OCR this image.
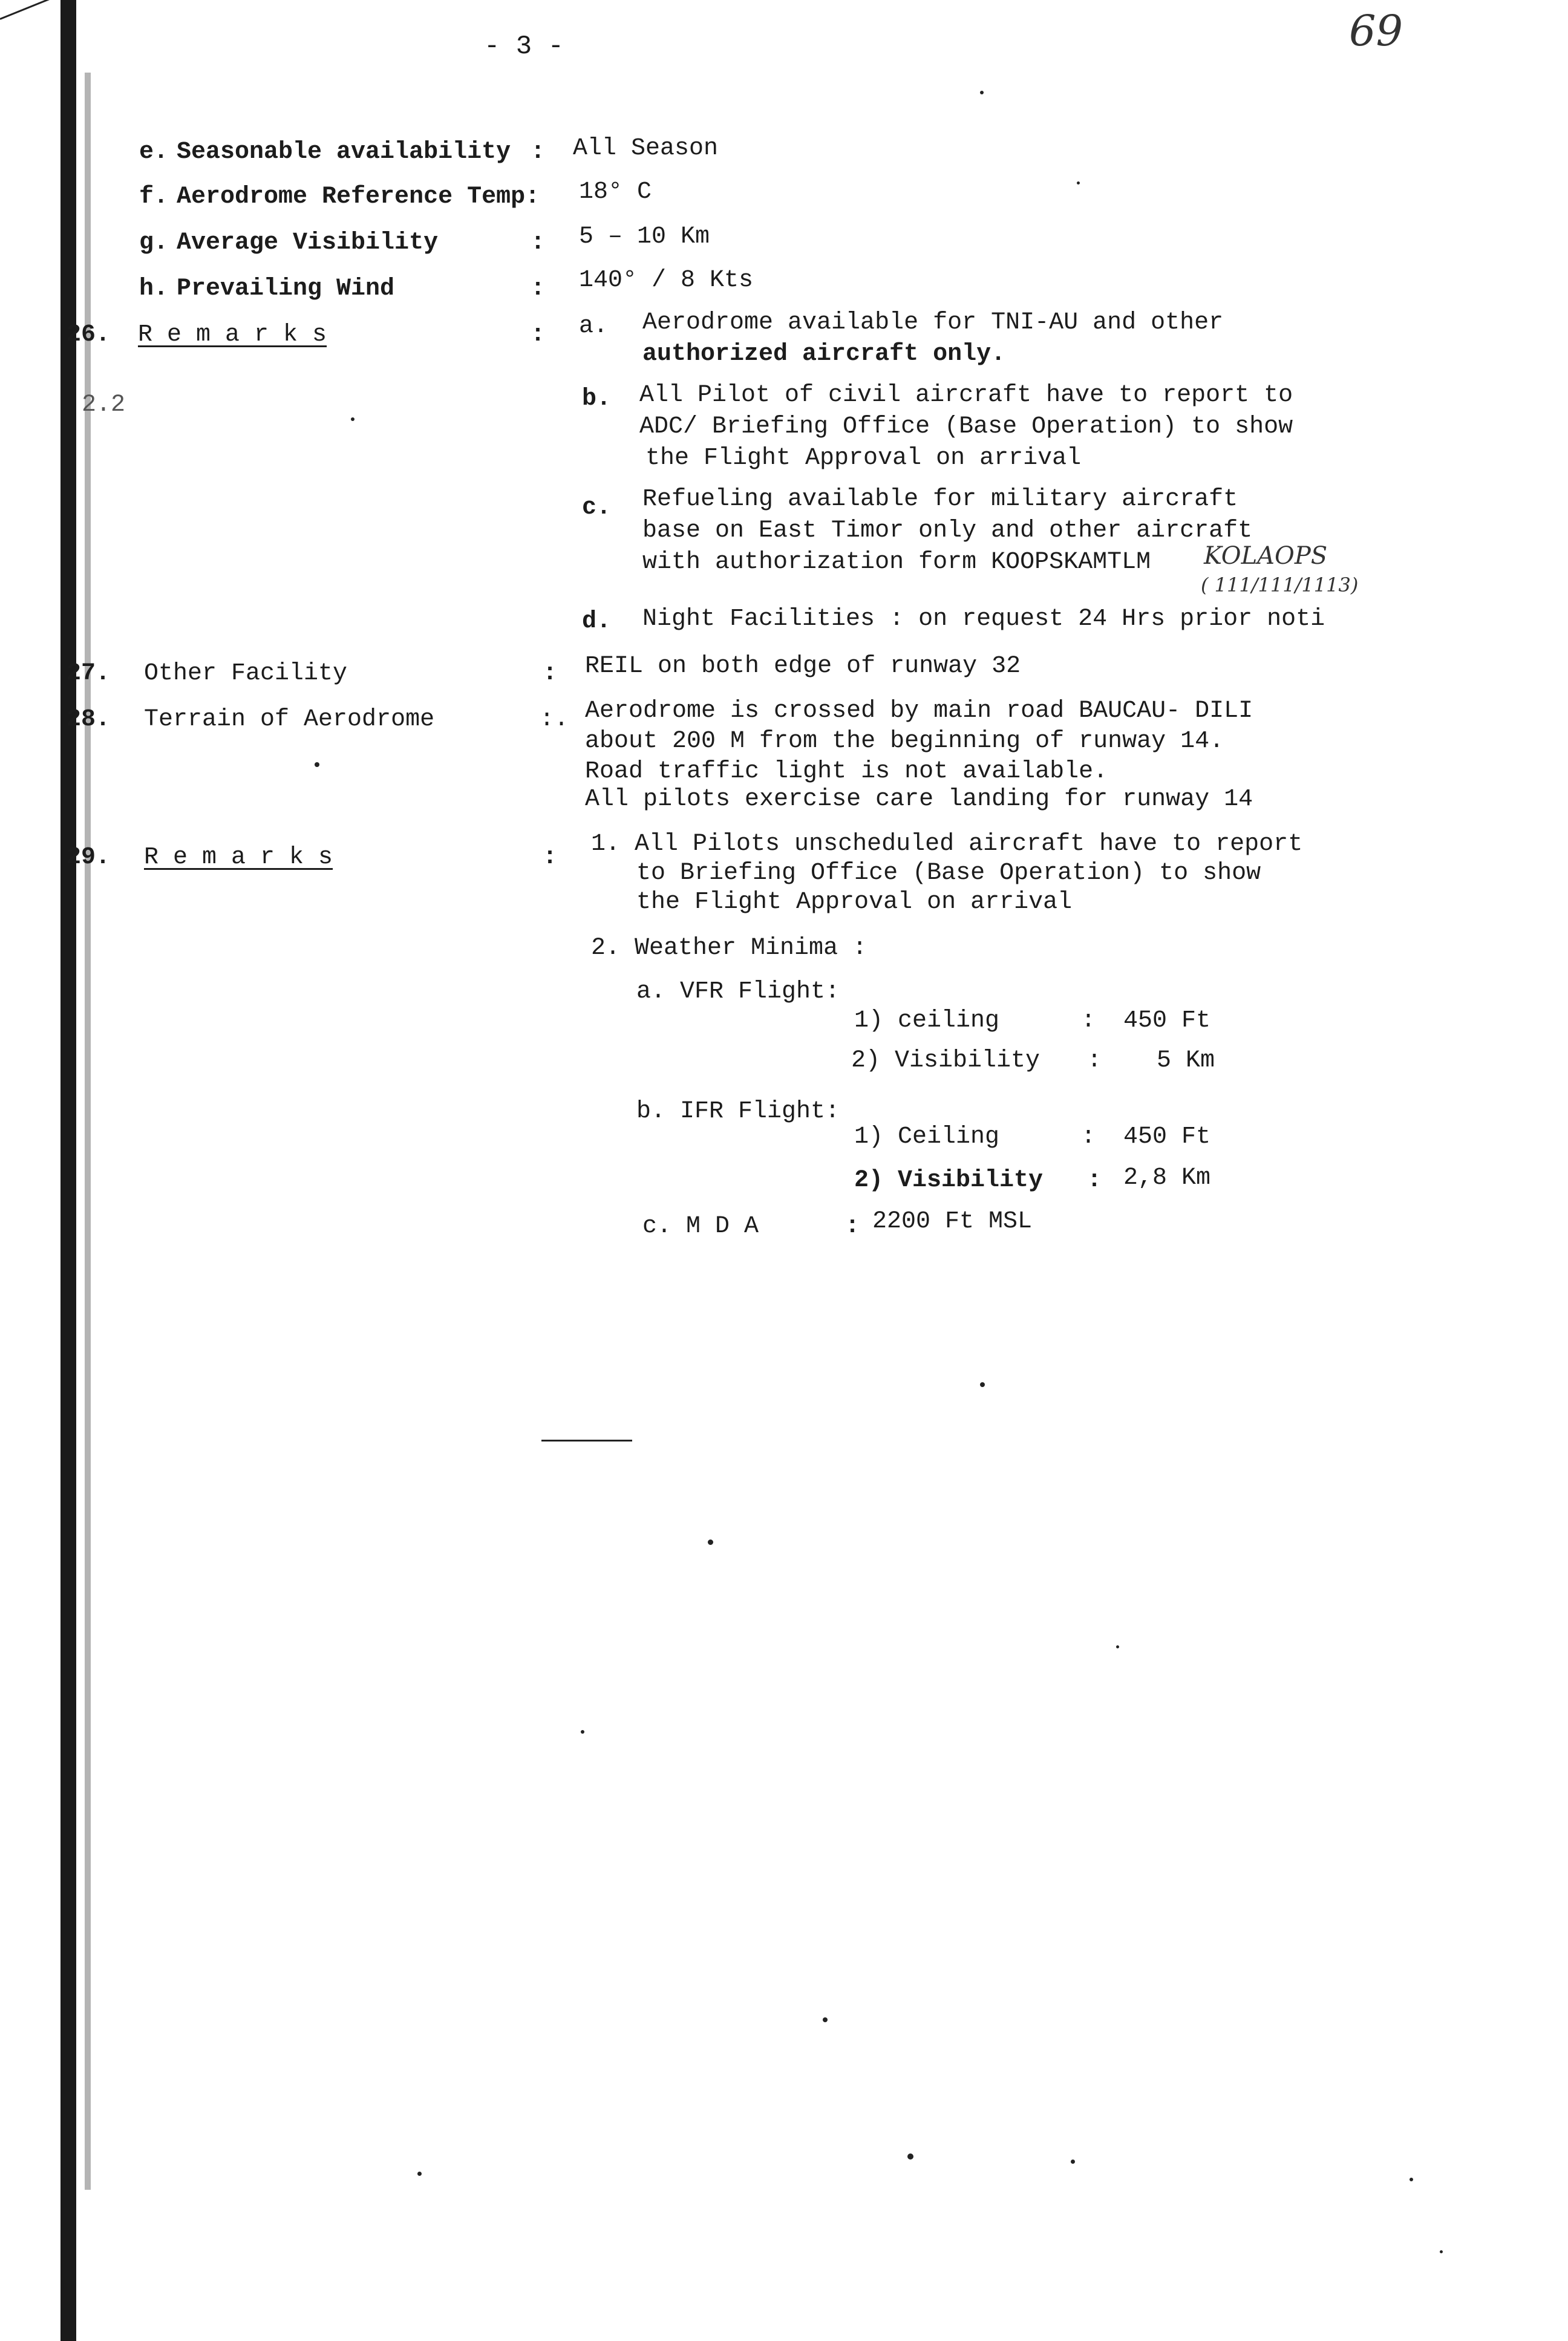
- 3 -	69
e. Seasonable availability : All Season
f. Aerodrome Reference Temp: 18° C
g. Average Visibility	: 5 – 10 Km
h. Prevailing Wind	: 140° / 8 Kts
26. R e m a r k s	:
2.2
a. Aerodrome available for TNI-AU and other
authorized aircraft only.
b. All Pilot of civil aircraft have to report to
ADC/ Briefing Office (Base Operation) to show
the Flight Approval on arrival
c. Refueling available for military aircraft
base on East Timor only and other aircraft
with authorization form KOOPSKAMTLM KOLAOPS
( 111/111/1113)
d. Night Facilities : on request 24 Hrs prior noti
27. Other Facility	: REIL on both edge of runway 32
28. Terrain of Aerodrome	:. Aerodrome is crossed by main road BAUCAU- DILI
about 200 M from the beginning of runway 14.
Road traffic light is not available.
All pilots exercise care landing for runway 14
29. R e m a r k s	: 1. All Pilots unscheduled aircraft have to report
to Briefing Office (Base Operation) to show
the Flight Approval on arrival
2. Weather Minima :
a. VFR Flight:
1) ceiling	: 450 Ft
2) Visibility : 5 Km
b. IFR Flight:
1) Ceiling	: 450 Ft
2) Visibility : 2,8 Km
c. M D A	: 2200 Ft MSL
